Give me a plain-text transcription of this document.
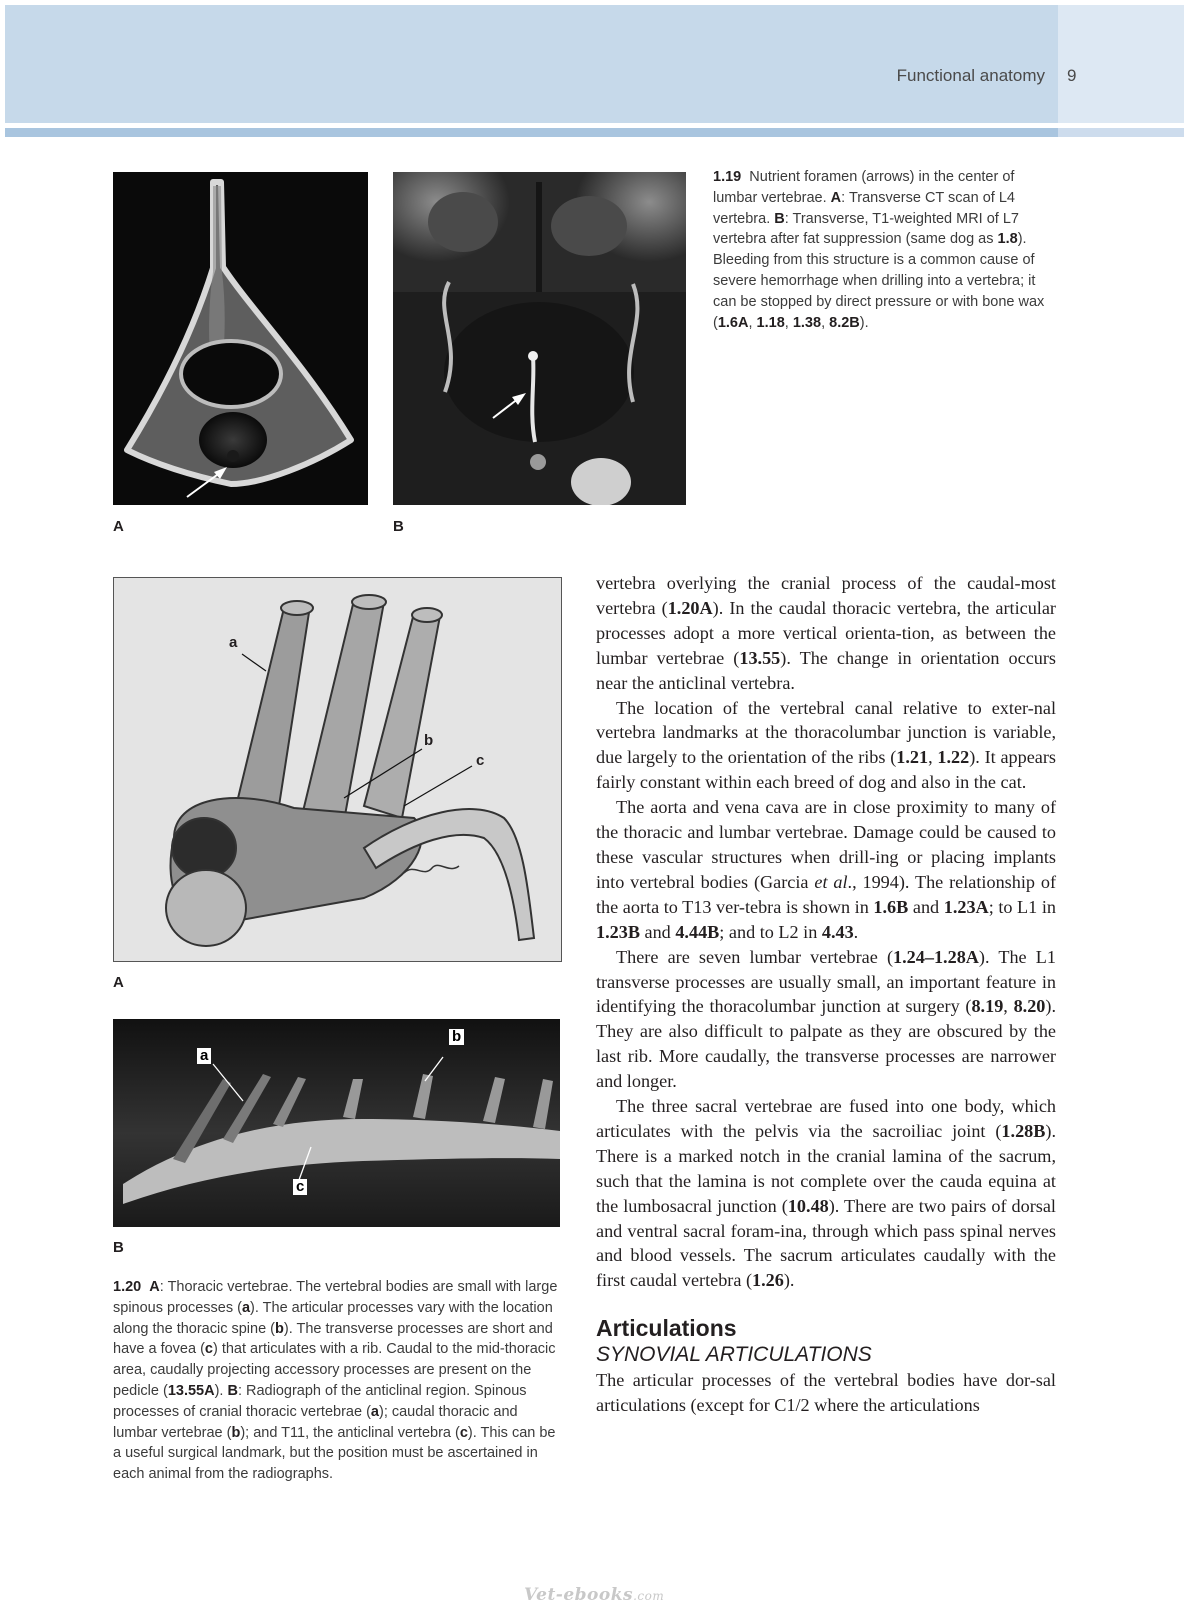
Functional anatomy 9
A	B
1.19  Nutrient foramen (arrows) in the center of lumbar vertebrae. A: Transverse CT scan of L4 vertebra. B: Transverse, T1-weighted MRI of L7 vertebra after fat suppression (same dog as 1.8). Bleeding from this structure is a common cause of severe hemorrhage when drilling into a vertebra; it can be stopped by direct pressure or with bone wax (1.6A, 1.18, 1.38, 8.2B).
a
b
c
A
a
b
c
B
1.20 A: Thoracic vertebrae. The vertebral bodies are small with large spinous processes (a). The articular processes vary with the location along the thoracic spine (b). The transverse processes are short and have a fovea (c) that articulates with a rib. Caudal to the mid-thoracic area, caudally projecting accessory processes are present on the pedicle (13.55A). B: Radiograph of the anticlinal region. Spinous processes of cranial thoracic vertebrae (a); caudal thoracic and lumbar vertebrae (b); and T11, the anticlinal vertebra (c). This can be a useful surgical landmark, but the position must be ascertained in each animal from the radiographs.

vertebra overlying the cranial process of the caudal-most vertebra (1.20A). In the caudal thoracic vertebra, the articular processes adopt a more vertical orienta-tion, as between the lumbar vertebrae (13.55). The change in orientation occurs near the anticlinal vertebra.

The location of the vertebral canal relative to exter-nal vertebra landmarks at the thoracolumbar junction is variable, due largely to the orientation of the ribs (1.21, 1.22). It appears fairly constant within each breed of dog and also in the cat.

The aorta and vena cava are in close proximity to many of the thoracic and lumbar vertebrae. Damage could be caused to these vascular structures when drill-ing or placing implants into vertebral bodies (Garcia et al., 1994). The relationship of the aorta to T13 ver-tebra is shown in 1.6B and 1.23A; to L1 in 1.23B and 4.44B; and to L2 in 4.43.

There are seven lumbar vertebrae (1.24–1.28A). The L1 transverse processes are usually small, an important feature in identifying the thoracolumbar junction at surgery (8.19, 8.20). They are also difficult to palpate as they are obscured by the last rib. More caudally, the transverse processes are narrower and longer.

The three sacral vertebrae are fused into one body, which articulates with the pelvis via the sacroiliac joint (1.28B). There is a marked notch in the cranial lamina of the sacrum, such that the lamina is not complete over the cauda equina at the lumbosacral junction (10.48). There are two pairs of dorsal and ventral sacral foram-ina, through which pass spinal nerves and blood vessels. The sacrum articulates caudally with the first caudal vertebra (1.26).

Articulations
SYNOVIAL ARTICULATIONS

The articular processes of the vertebral bodies have dor-sal articulations (except for C1/2 where the articulations

Vet-ebooks.com
